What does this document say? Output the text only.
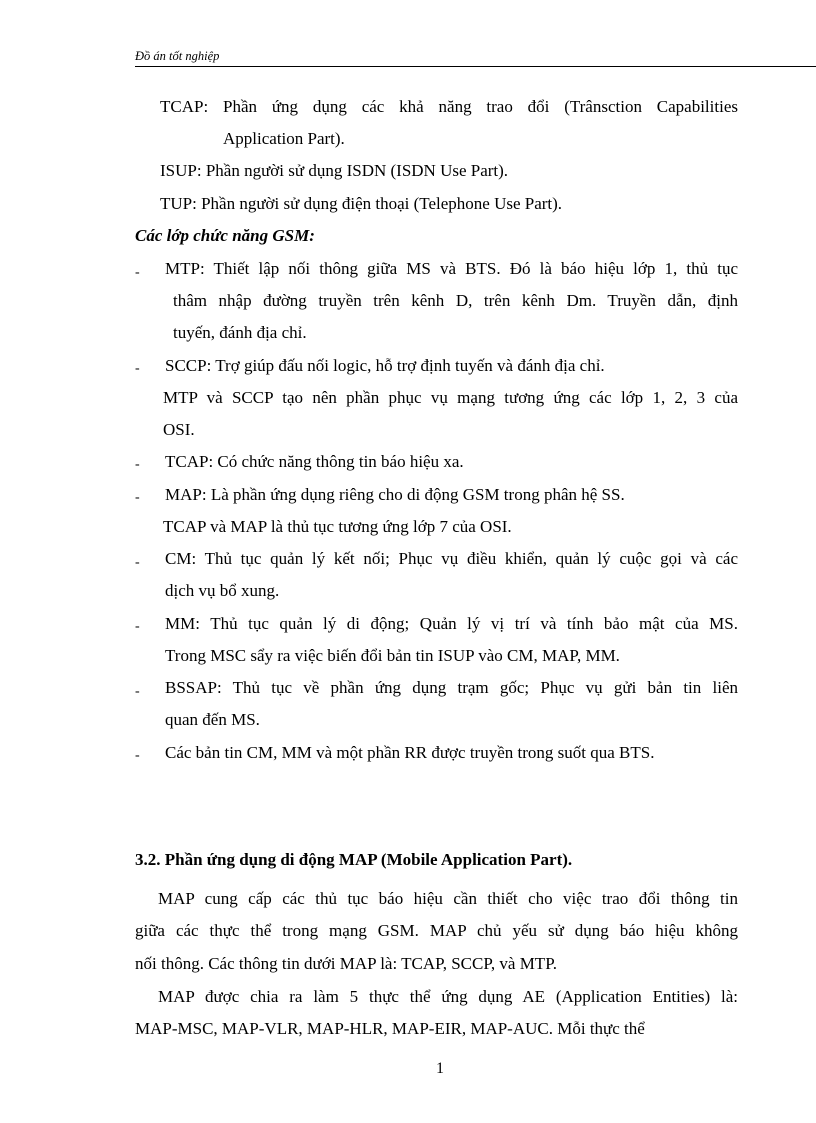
Đồ án tốt nghiệp
TCAP: Phần ứng dụng các khả năng trao đổi (Trânsction Capabilities
Application Part).
ISUP: Phần người sử dụng ISDN (ISDN Use Part).
TUP: Phần người sử dụng điện thoại (Telephone Use Part).
Các lớp chức năng GSM:
- MTP: Thiết lập nối thông giữa MS và BTS. Đó là báo hiệu lớp 1, thủ tục
thâm nhập đường truyền trên kênh D, trên kênh Dm. Truyền dẫn, định
tuyến, đánh địa chỉ.
- SCCP: Trợ giúp đấu nối logic, hỗ trợ định tuyến và đánh địa chỉ.
MTP và SCCP tạo nên phần phục vụ mạng tương ứng các lớp 1, 2, 3 của
OSI.
- TCAP: Có chức năng thông tin báo hiệu xa.
- MAP: Là phần ứng dụng riêng cho di động GSM trong phân hệ SS.
TCAP và MAP là thủ tục tương ứng lớp 7 của OSI.
- CM: Thủ tục quản lý kết nối; Phục vụ điều khiển, quản lý cuộc gọi và các
dịch vụ bổ xung.
- MM: Thủ tục quản lý di động; Quản lý vị trí và tính bảo mật của MS.
Trong MSC sẩy ra việc biến đổi bản tin ISUP vào CM, MAP, MM.
- BSSAP: Thủ tục về phần ứng dụng trạm gốc; Phục vụ gửi bản tin liên
quan đến MS.
- Các bản tin CM, MM và một phần RR được truyền trong suốt qua BTS.
3.2. Phần ứng dụng di động MAP (Mobile Application Part).
MAP cung cấp các thủ tục báo hiệu cần thiết cho việc trao đổi thông tin
giữa các thực thể trong mạng GSM. MAP chủ yếu sử dụng báo hiệu không
nối thông. Các thông tin dưới MAP là: TCAP, SCCP, và MTP.
MAP được chia ra làm 5 thực thể ứng dụng AE (Application Entities) là:
MAP-MSC, MAP-VLR, MAP-HLR, MAP-EIR, MAP-AUC. Mỗi thực thể
1
